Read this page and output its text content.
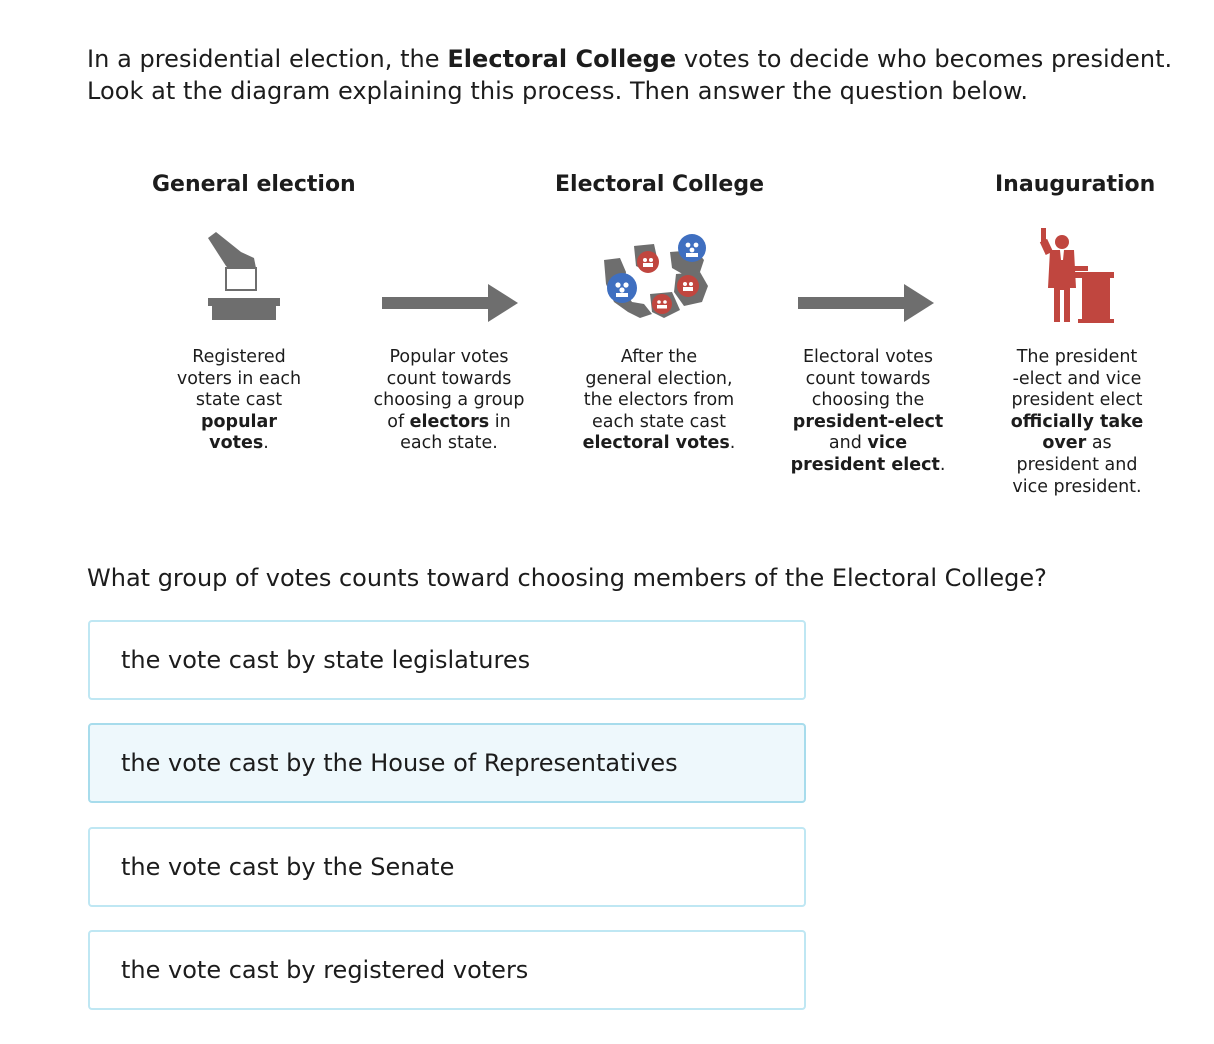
In a presidential election, the Electoral College votes to decide who becomes president.
Look at the diagram explaining this process. Then answer the question below.
General election	Electoral College	Inauguration
Registered
voters in each
state cast
popular
votes.
Popular votes
count towards
choosing a group
of electors in
each state.
After the
general election,
the electors from
each state cast
electoral votes.
Electoral votes
count towards
choosing the
president-elect
and vice
president elect.
The president
-elect and vice
president elect
officially take
over as
president and
vice president.
What group of votes counts toward choosing members of the Electoral College?
the vote cast by state legislatures
the vote cast by the House of Representatives
the vote cast by the Senate
the vote cast by registered voters
